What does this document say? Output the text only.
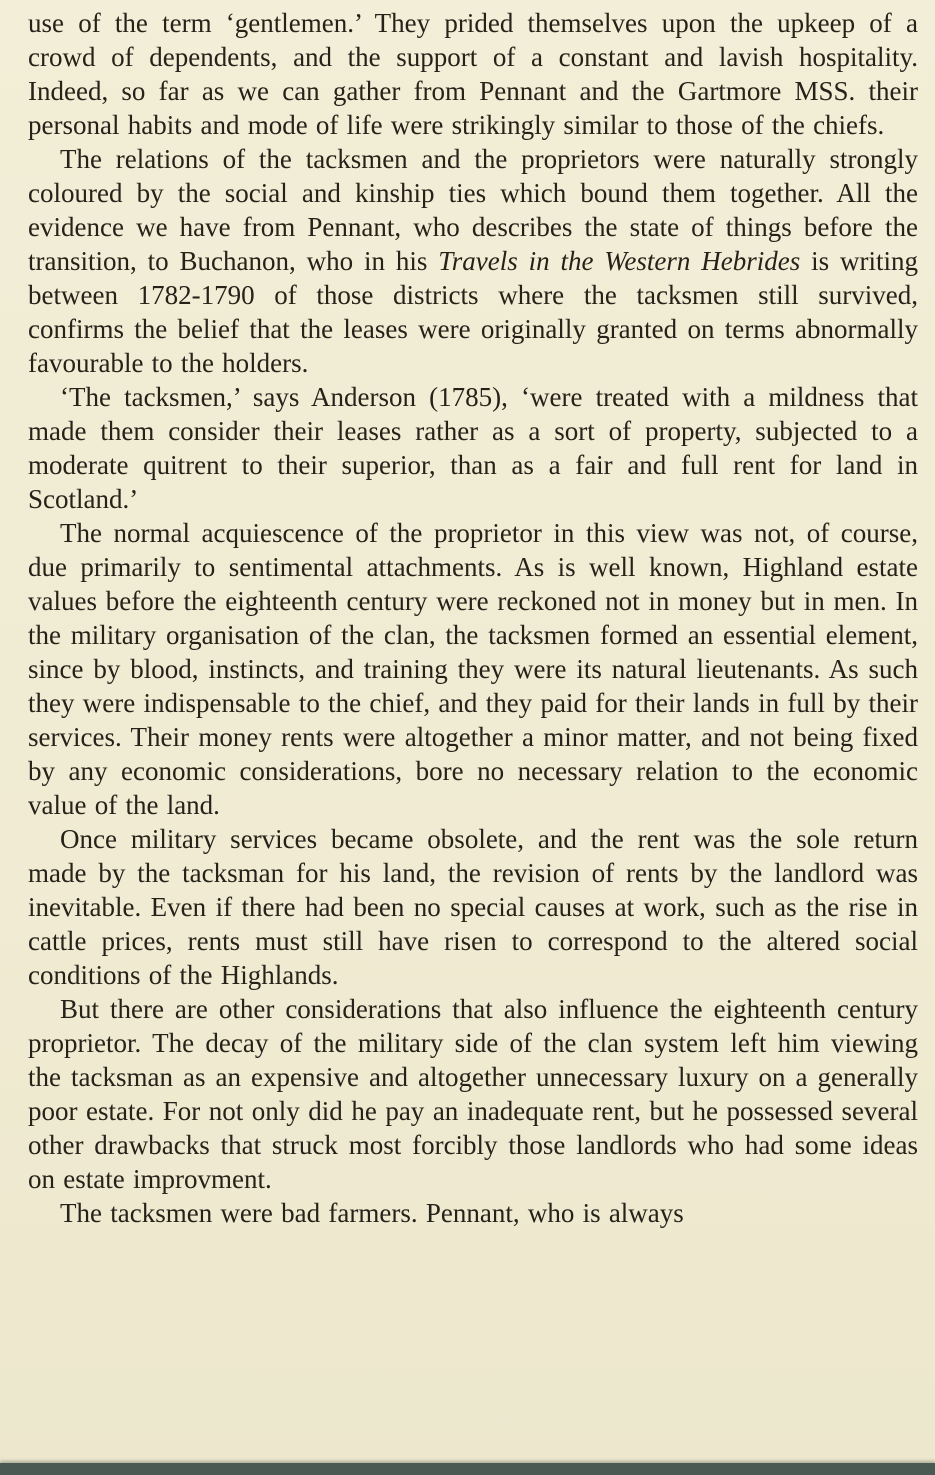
use of the term ‘gentlemen.’ They prided themselves upon the upkeep of a crowd of dependents, and the support of a constant and lavish hospitality. Indeed, so far as we can gather from Pennant and the Gartmore MSS. their personal habits and mode of life were strikingly similar to those of the chiefs.

The relations of the tacksmen and the proprietors were naturally strongly coloured by the social and kinship ties which bound them together. All the evidence we have from Pennant, who describes the state of things before the transition, to Buchanon, who in his Travels in the Western Hebrides is writing between 1782-1790 of those districts where the tacksmen still survived, confirms the belief that the leases were originally granted on terms abnormally favourable to the holders.

‘The tacksmen,’ says Anderson (1785), ‘were treated with a mildness that made them consider their leases rather as a sort of property, subjected to a moderate quitrent to their superior, than as a fair and full rent for land in Scotland.’

The normal acquiescence of the proprietor in this view was not, of course, due primarily to sentimental attachments. As is well known, Highland estate values before the eighteenth century were reckoned not in money but in men. In the military organisation of the clan, the tacksmen formed an essential element, since by blood, instincts, and training they were its natural lieutenants. As such they were indispensable to the chief, and they paid for their lands in full by their services. Their money rents were altogether a minor matter, and not being fixed by any economic considerations, bore no necessary relation to the economic value of the land.

Once military services became obsolete, and the rent was the sole return made by the tacksman for his land, the revision of rents by the landlord was inevitable. Even if there had been no special causes at work, such as the rise in cattle prices, rents must still have risen to correspond to the altered social conditions of the Highlands.

But there are other considerations that also influence the eighteenth century proprietor. The decay of the military side of the clan system left him viewing the tacksman as an expensive and altogether unnecessary luxury on a generally poor estate. For not only did he pay an inadequate rent, but he possessed several other drawbacks that struck most forcibly those landlords who had some ideas on estate improvment.

The tacksmen were bad farmers. Pennant, who is always
